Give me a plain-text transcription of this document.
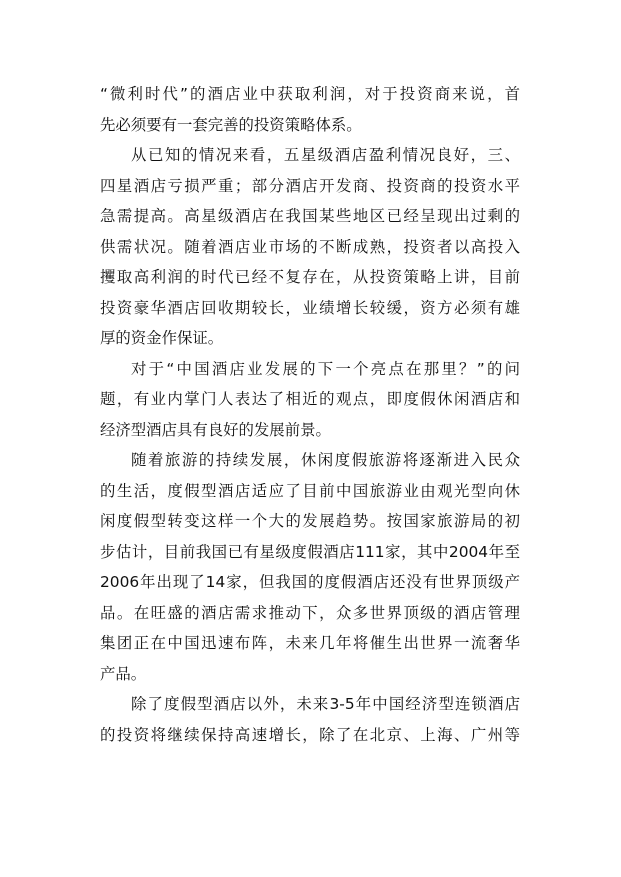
“微利时代”的酒店业中获取利润，对于投资商来说，首
先必须要有一套完善的投资策略体系。
从已知的情况来看，五星级酒店盈利情况良好，三、
四星酒店亏损严重；部分酒店开发商、投资商的投资水平
急需提高。高星级酒店在我国某些地区已经呈现出过剩的
供需状况。随着酒店业市场的不断成熟，投资者以高投入
攫取高利润的时代已经不复存在，从投资策略上讲，目前
投资豪华酒店回收期较长，业绩增长较缓，资方必须有雄
厚的资金作保证。
对于“中国酒店业发展的下一个亮点在那里？”的问
题，有业内掌门人表达了相近的观点，即度假休闲酒店和
经济型酒店具有良好的发展前景。
随着旅游的持续发展，休闲度假旅游将逐渐进入民众
的生活，度假型酒店适应了目前中国旅游业由观光型向休
闲度假型转变这样一个大的发展趋势。按国家旅游局的初
步估计，目前我国已有星级度假酒店111家，其中2004年至
2006年出现了14家，但我国的度假酒店还没有世界顶级产
品。在旺盛的酒店需求推动下，众多世界顶级的酒店管理
集团正在中国迅速布阵，未来几年将催生出世界一流奢华
产品。
除了度假型酒店以外，未来3-5年中国经济型连锁酒店
的投资将继续保持高速增长，除了在北京、上海、广州等
